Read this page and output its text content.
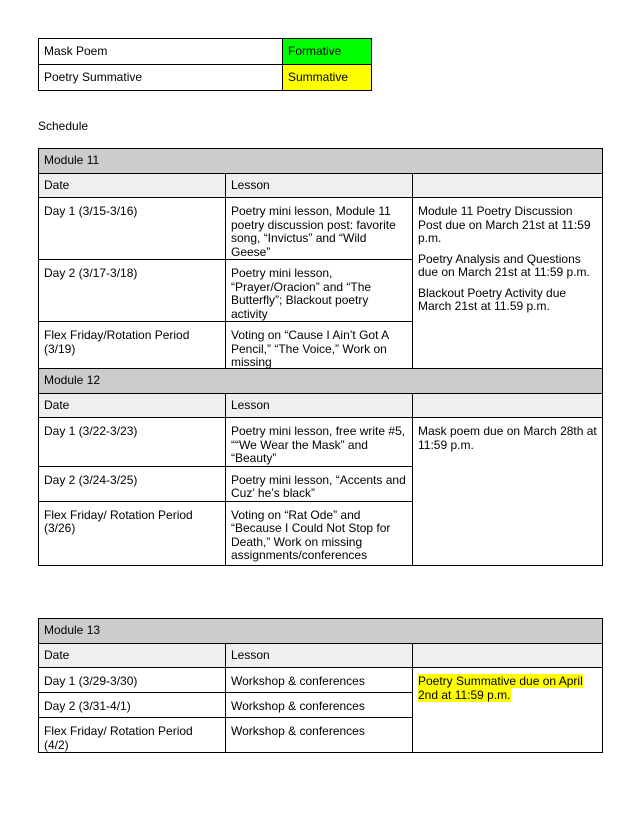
Mask Poem	Formative
Poetry Summative	Summative
Schedule
Module 11		
Date	Lesson	
Day 1 (3/15-3/16)	Poetry mini lesson, Module 11 poetry discussion post: favorite song, “Invictus” and “Wild Geese”	Module 11 Poetry Discussion Post due on March 21st at 11:59 p.m.

Poetry Analysis and Questions due on March 21st at 11:59 p.m.

Blackout Poetry Activity due March 21st at 11.59 p.m.

Day 2 (3/17-3/18)	Poetry mini lesson, “Prayer/Oracion” and “The Butterfly”; Blackout poetry activity	
Flex Friday/Rotation Period (3/19)	Voting on “Cause I Ain’t Got A Pencil,” “The Voice,” Work on missing	
Module 12		
Date	Lesson	
Day 1 (3/22-3/23)	Poetry mini lesson, free write #5, ““We Wear the Mask” and “Beauty”	Mask poem due on March 28th at 11:59 p.m.

Day 2 (3/24-3/25)	Poetry mini lesson, “Accents and Cuz’ he’s black”	
Flex Friday/ Rotation Period (3/26)	Voting on “Rat Ode” and “Because I Could Not Stop for Death,” Work on missing assignments/conferences	
Module 13		
Date	Lesson	
Day 1 (3/29-3/30)	Workshop & conferences	Poetry Summative due on April 2nd at 11:59 p.m.

Day 2 (3/31-4/1)	Workshop & conferences	
Flex Friday/ Rotation Period (4/2)	Workshop & conferences	
